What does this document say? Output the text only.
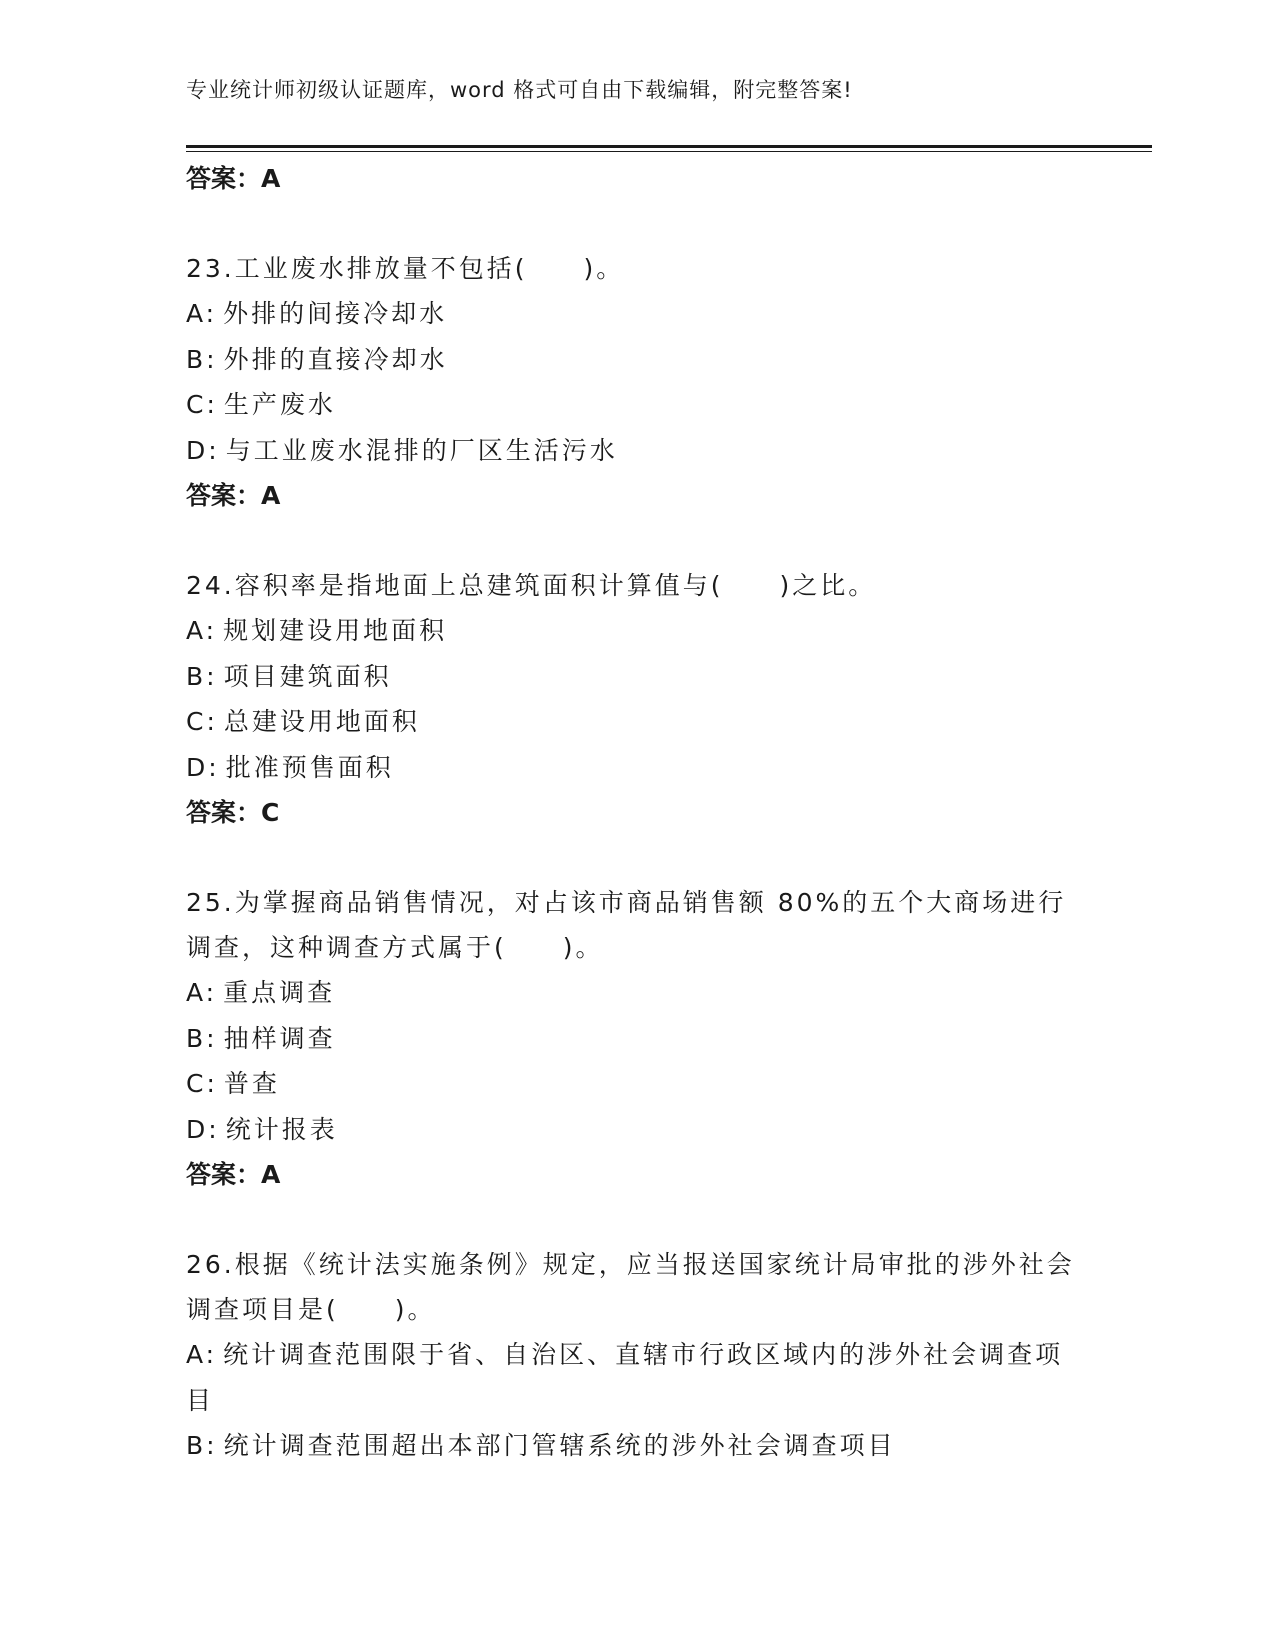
专业统计师初级认证题库，word 格式可自由下载编辑，附完整答案!
答案：A
23.工业废水排放量不包括(　　)。
A: 外排的间接冷却水
B: 外排的直接冷却水
C: 生产废水
D: 与工业废水混排的厂区生活污水
答案：A
24.容积率是指地面上总建筑面积计算值与(　　)之比。
A: 规划建设用地面积
B: 项目建筑面积
C: 总建设用地面积
D: 批准预售面积
答案：C
25.为掌握商品销售情况，对占该市商品销售额 80%的五个大商场进行调查，这种调查方式属于(　　)。
A: 重点调查
B: 抽样调查
C: 普查
D: 统计报表
答案：A
26.根据《统计法实施条例》规定，应当报送国家统计局审批的涉外社会调查项目是(　　)。
A: 统计调查范围限于省、自治区、直辖市行政区域内的涉外社会调查项目
B: 统计调查范围超出本部门管辖系统的涉外社会调查项目
